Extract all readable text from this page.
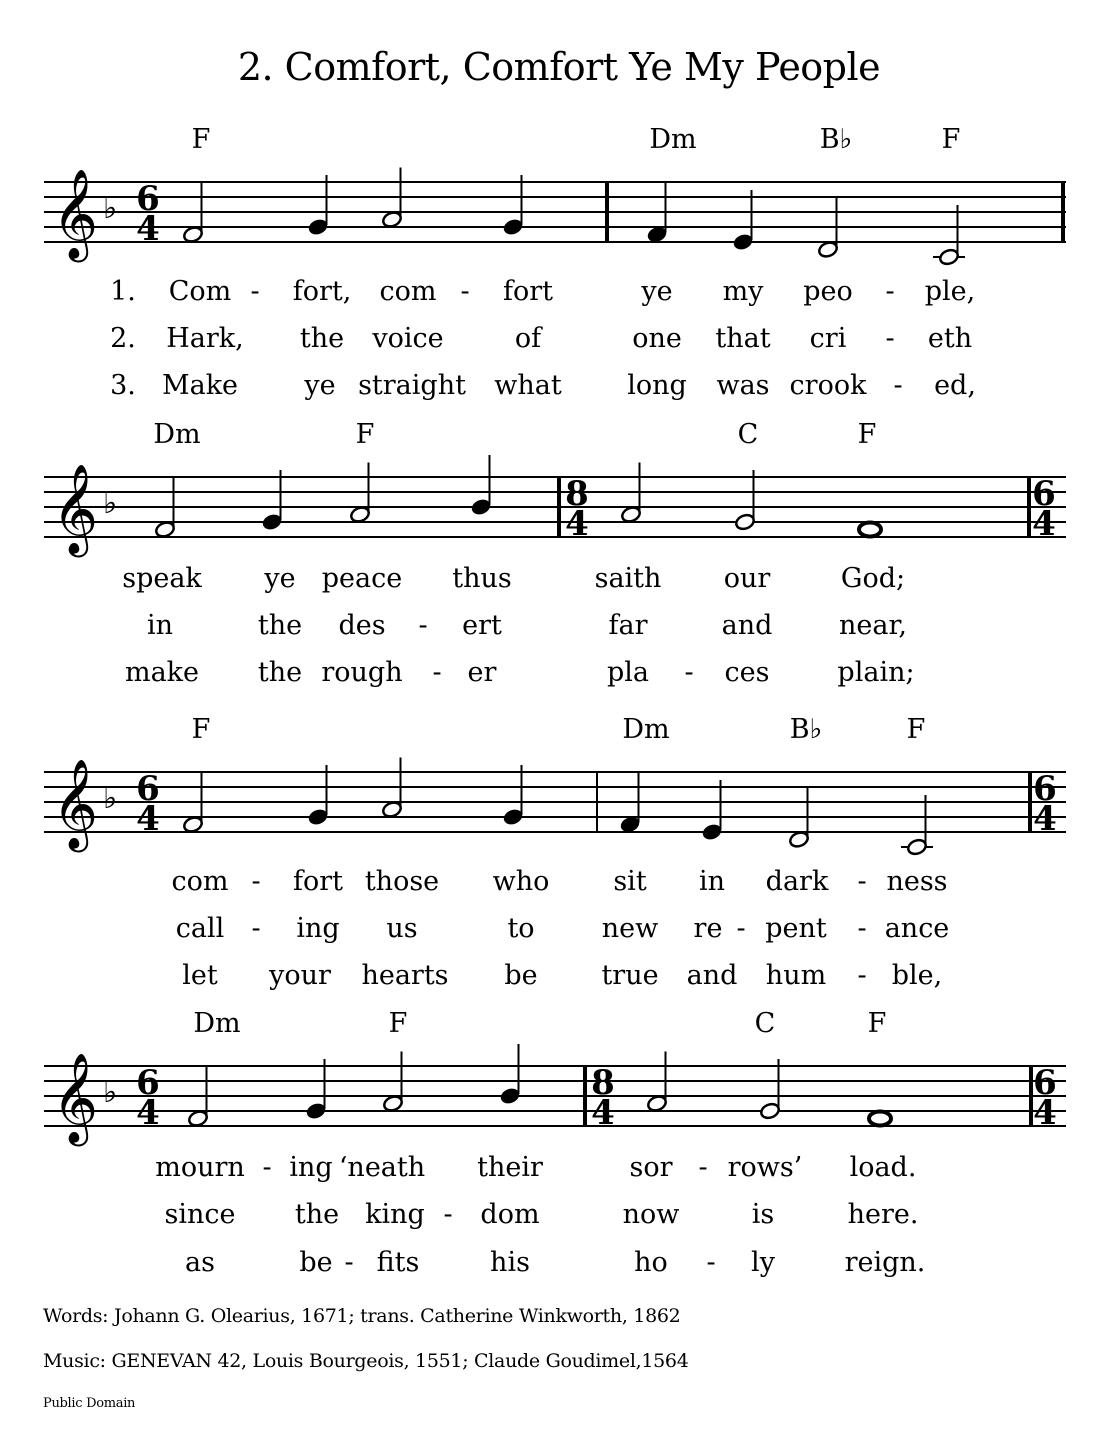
2. Comfort, Comfort Ye My People
F	Dm	B♭	F
𝄞 ♭ 6
4
1. Com - fort, com - fort	ye my peo - ple,
2. Hark, the voice	of	one that cri - eth
3. Make ye straight what long was crook - ed,
Dm	F	C	F
𝄞 ♭	8
4
6
4
speak ye peace thus	saith our	God;
in	the des - ert	far	and near,
make the rough - er	pla - ces	plain;
F	Dm	B♭	F
𝄞 ♭ 6
4
6
4
com - fort those who sit in dark - ness
call - ing us	to new re - pent - ance
let your hearts be true and hum - ble,
Dm	F	C	F
𝄞 ♭ 6
4
8
4
6
4
mourn - ing ‘neath their	sor - rows’ load.
since the king - dom	now	is	here.
as	be - fits	his	ho - ly	reign.
Words: Johann G. Olearius, 1671; trans. Catherine Winkworth, 1862
Music: GENEVAN 42, Louis Bourgeois, 1551; Claude Goudimel,1564
Public Domain
